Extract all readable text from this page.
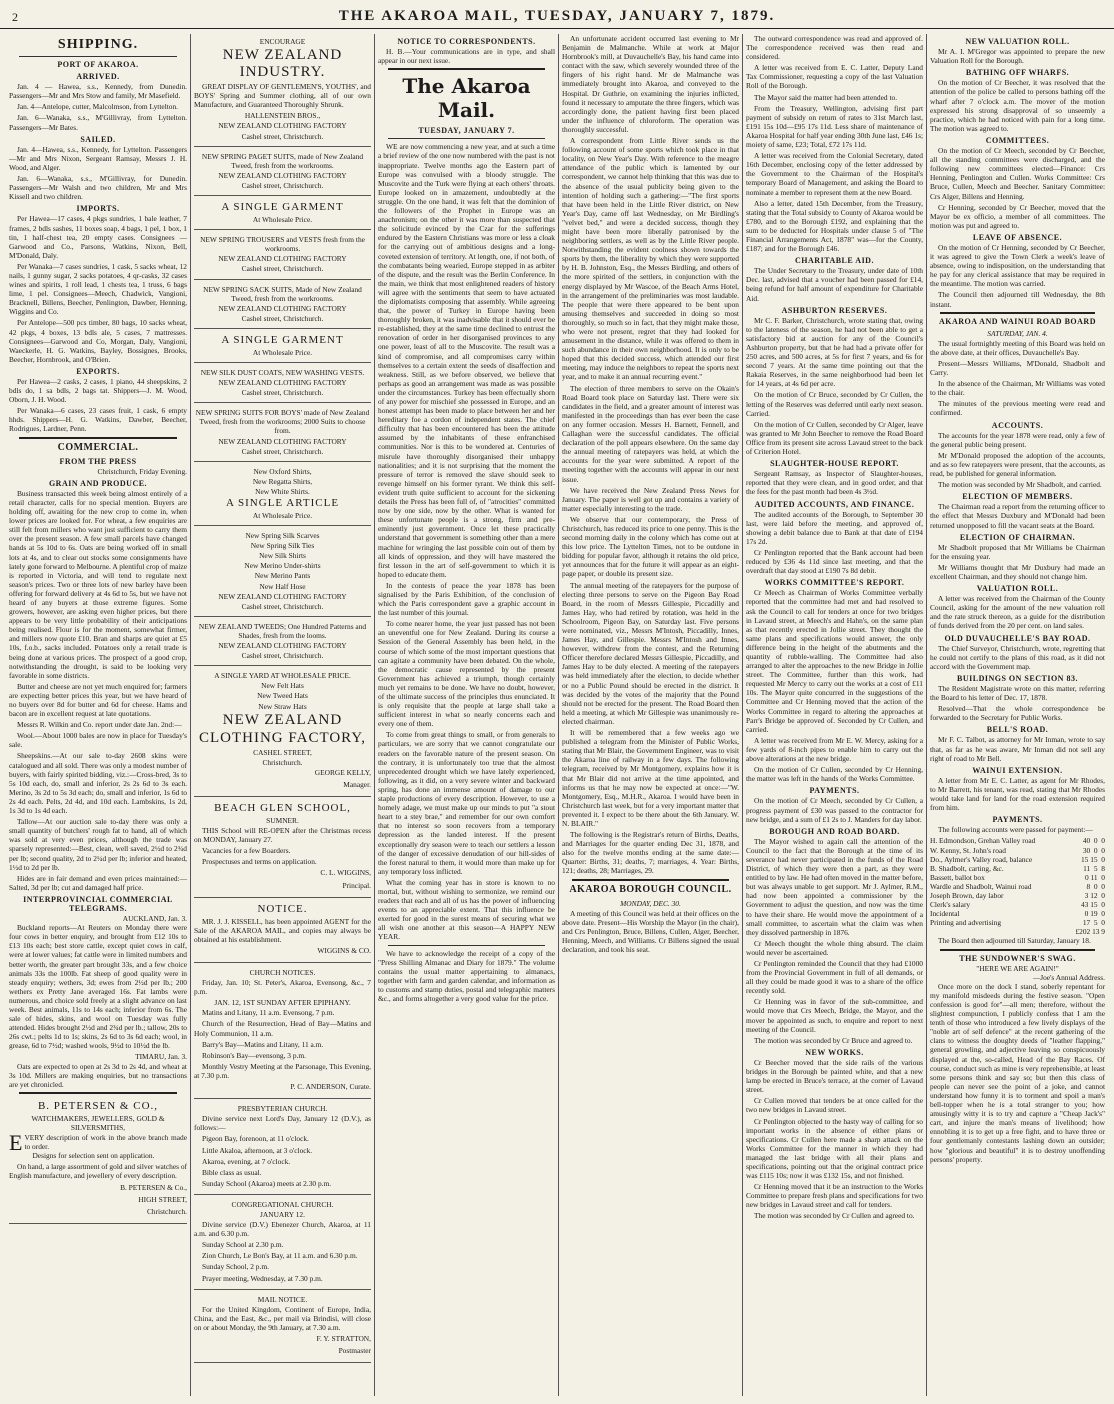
2	THE AKAROA MAIL, TUESDAY, JANUARY 7, 1879.
SHIPPING.
PORT OF AKAROA.
ARRIVED.

Jan. 4 — Hawea, s.s., Kennedy, from Dunedin. Passengers—Mr and Mrs Stow and family, Mr Masefield.

Jan. 4—Antelope, cutter, Malcolmson, from Lyttelton.

Jan. 6—Wanaka, s.s., M'Gillivray, from Lyttelton. Passengers—Mr Bates.

SAILED.

Jan. 4—Hawea, s.s., Kennedy, for Lyttelton. Passengers—Mr and Mrs Nixon, Sergeant Ramsay, Messrs J. H. Wood, and Alger.

Jan. 6—Wanaka, s.s., M'Gillivray, for Dunedin. Passengers—Mr Walsh and two children, Mr and Mrs Kissell and two children.

IMPORTS.

Per Hawea—17 cases, 4 pkgs sundries, 1 bale leather, 7 frames, 2 bdls sashes, 11 boxes soap, 4 bags, 1 pel, 1 box, 1 tin, 1 half-chest tea, 20 empty cases. Consignees — Garwood and Co., Parsons, Watkins, Nixon, Bell, M'Donald, Daly.

Per Wanaka—7 cases sundries, 1 cask, 5 sacks wheat, 12 nails, 1 gunny sugar, 2 sacks potatoes, 4 qr-casks, 32 cases wines and spirits, 1 roll lead, 1 chests tea, 1 truss, 6 bags lime, 1 pel. Consignees—Meech, Chadwick, Vangioni, Bracknell, Billens, Beecher, Penlington, Dawber, Henning, Wiggins and Co.

Per Antelope—500 pcs timber, 80 bags, 10 sacks wheat, 42 pkgs, 4 boxes, 13 bdls ale, 5 cases, 7 mattresses. Consignees—Garwood and Co, Morgan, Daly, Vangioni, Waeckerle, H. G. Watkins, Bayley, Bossignes, Brooks, Beecher, Hornbrook, and O'Brien.

EXPORTS.

Per Hawea—2 casks, 2 cases, 1 piano, 44 sheepskins, 2 bdls do, 1 sa bdls, 2 bags tat. Shippers—J. M. Wood, Oborn, J. H. Wood.

Per Wanaka—6 cases, 23 cases fruit, 1 cask, 6 empty hhds. Shippers—H. G. Watkins, Dawber, Beecher, Rodrigues, Lardner, Penn.

COMMERCIAL.
FROM THE PRESS
Christchurch, Friday Evening.
GRAIN AND PRODUCE.

Business transacted this week being almost entirely of a retail character, calls for no special mention. Buyers are holding off, awaiting for the new crop to come in, when lower prices are looked for. For wheat, a few enquiries are still felt from millers who want just sufficient to carry them over the present season. A few small parcels have changed hands at 5s 10d to 6s. Oats are being worked off in small lots at 4s, and to clear out stocks some consignments have lately gone forward to Melbourne. A plentiful crop of maize is reported in Victoria, and will tend to regulate next season's prices. Two or three lots of new barley have been offering for forward delivery at 4s 6d to 5s, but we have not heard of any buyers at those extreme figures. Some growers, however, are asking even higher prices, but there appears to be very little probability of their anticipations being realised. Flour is for the moment, somewhat firmer, and millers now quote £10. Bran and sharps are quiet at £5 10s, f.o.b., sacks included. Potatoes only a retail trade is being done at various prices. The prospect of a good crop, notwithstanding the drought, is said to be looking very favorable in some districts.

Butter and cheese are not yet much enquired for; farmers are expecting better prices this year, but we have heard of no buyers over 8d for butter and 6d for cheese. Hams and bacon are in excellent request at late quotations.

Messrs R. Wilkin and Co. report under date Jan. 2nd:—

Wool.—About 1000 bales are now in place for Tuesday's sale.

Sheepskins.—At our sale to-day 2608 skins were catalogued and all sold. There was only a modest number of buyers, with fairly spirited bidding, viz.:—Cross-bred, 3s to 5s 10d each, do, small and inferior, 2s 2s 6d to 3s each. Merino, 3s 2d to 5s 3d each; do, small and inferior, 1s 6d to 2s 4d each. Pelts, 2d 4d, and 10d each. Lambskins, 1s 2d, 1s 3d to 1s 4d each.

Tallow—At our auction sale to-day there was only a small quantity of butchers' rough fat to hand, all of which was sold at very even prices, although the trade was sparsely represented:—Best, clean, well saved, 2½d to 2¾d per lb; second quality, 2d to 2¼d per lb; inferior and heated, 1½d to 2d per lb.

Hides are in fair demand and even prices maintained:—Salted, 3d per lb; cut and damaged half price.

INTERPROVINCIAL COMMERCIAL TELEGRAMS.
AUCKLAND, Jan. 3.

Buckland reports—At Reuters on Monday there were four cows in better enquiry, and brought from £12 10s to £13 10s each; best store cattle, except quiet cows in calf, were at lower values; fat cattle were in limited numbers and better worth, the greater part brought 33s, and a few choice animals 33s the 100lb. Fat sheep of good quality were in steady enquiry; wethers, 3d; ewes from 2½d per lb.; 200 wethers ex Pretty Jane averaged 16s. Fat lambs were numerous, and choice sold freely at a slight advance on last week. Best animals, 11s to 14s each; inferior from 6s. The sale of hides, skins, and wool on Tuesday was fully attended. Hides brought 2½d and 2¾d per lb.; tallow, 20s to 26s cwt.; pelts 1d to 1s; skins, 2s 6d to 3s 6d each; wool, in grease, 6d to 7½d; washed wools, 9½d to 10½d the lb.

TIMARU, Jan. 3.

Oats are expected to open at 2s 3d to 2s 4d, and wheat at 3s 10d. Millers are making enquiries, but no transactions are yet chronicled.

B. PETERSEN & CO.,
WATCHMAKERS, JEWELLERS, GOLD & SILVERSMITHS,
EVERY description of work in the above branch made to order.

Designs for selection sent on application.

On hand, a large assortment of gold and silver watches of English manufacture, and jewellery of every description.

B. PETERSEN & Co.,
HIGH STREET,
Christchurch.
ENCOURAGE
NEW ZEALAND INDUSTRY.

GREAT DISPLAY OF GENTLEMEN'S, YOUTHS', and BOYS' Spring and Summer clothing, all of our own Manufacture, and Guaranteed Thoroughly Shrunk.

HALLENSTEIN BROS.,
NEW ZEALAND CLOTHING FACTORY
Cashel street, Christchurch.
NEW SPRING PAGET SUITS, made of New Zealand Tweed, fresh from the workrooms.
NEW ZEALAND CLOTHING FACTORY
Cashel street, Christchurch.
A SINGLE GARMENT
At Wholesale Price.
NEW SPRING TROUSERS and VESTS fresh from the workrooms.
NEW ZEALAND CLOTHING FACTORY
Cashel street, Christchurch.
NEW SPRING SACK SUITS, Made of New Zealand Tweed, fresh from the workrooms.
NEW ZEALAND CLOTHING FACTORY
Cashel street, Christchurch.
A SINGLE GARMENT
At Wholesale Price.
NEW SILK DUST COATS, NEW WASHING VESTS.
NEW ZEALAND CLOTHING FACTORY
Cashel street, Christchurch.
NEW SPRING SUITS FOR BOYS' made of New Zealand Tweed, fresh from the workrooms; 2000 Suits to choose from.
NEW ZEALAND CLOTHING FACTORY
Cashel street, Christchurch.
New Oxford Shirts,
New Regatta Shirts,
New White Shirts.
A SINGLE ARTICLE
At Wholesale Price.
New Spring Silk Scarves
New Spring Silk Ties
New Silk Shirts
New Merino Under-shirts
New Merino Pants
New Half Hose
NEW ZEALAND CLOTHING FACTORY
Cashel street, Christchurch.
NEW ZEALAND TWEEDS; One Hundred Patterns and Shades, fresh from the looms.
NEW ZEALAND CLOTHING FACTORY
Cashel street, Christchurch.
A SINGLE YARD AT WHOLESALE PRICE.
New Felt Hats
New Tweed Hats
New Straw Hats
NEW ZEALAND
CLOTHING FACTORY,
CASHEL STREET,
Christchurch.
GEORGE KELLY,
Manager.
BEACH GLEN SCHOOL,
SUMNER.

THIS School will RE-OPEN after the Christmas recess on MONDAY, January 27.

Vacancies for a few Boarders.

Prospectuses and terms on application.

C. L. WIGGINS,
Principal.
NOTICE.

MR. J. J. KISSELL, has been appointed AGENT for the Sale of the AKAROA MAIL, and copies may always be obtained at his establishment.

WIGGINS & CO.
CHURCH NOTICES.

Friday, Jan. 10; St. Peter's, Akaroa, Evensong, &c., 7 p.m.

JAN. 12, 1ST SUNDAY AFTER EPIPHANY.

Matins and Litany, 11 a.m. Evensong, 7 p.m.

Church of the Resurrection, Head of Bay—Matins and Holy Communion, 11 a.m.

Barry's Bay—Matins and Litany, 11 a.m.

Robinson's Bay—evensong, 3 p.m.

Monthly Vestry Meeting at the Parsonage, This Evening, at 7.30 p.m.

P. C. ANDERSON, Curate.
PRESBYTERIAN CHURCH.

Divine service next Lord's Day, January 12 (D.V.), as follows:—

Pigeon Bay, forenoon, at 11 o'clock.

Little Akaloa, afternoon, at 3 o'clock.

Akaroa, evening, at 7 o'clock.

Bible class as usual.

Sunday School (Akaroa) meets at 2.30 p.m.

CONGREGATIONAL CHURCH.
JANUARY 12.

Divine service (D.V.) Ebenezer Church, Akaroa, at 11 a.m. and 6.30 p.m.

Sunday School at 2.30 p.m.

Zion Church, Le Bon's Bay, at 11 a.m. and 6.30 p.m.

Sunday School, 2 p.m.

Prayer meeting, Wednesday, at 7.30 p.m.

MAIL NOTICE.

For the United Kingdom, Continent of Europe, India, China, and the East, &c., per mail via Brindisi, will close on or about Monday, the 9th January, at 7.30 a.m.

F. Y. STRATTON,
Postmaster
NOTICE TO CORRESPONDENTS.

H. B.—Your communications are in type, and shall appear in our next issue.

The Akaroa Mail.
TUESDAY, JANUARY 7.

WE are now commencing a new year, and at such a time a brief review of the one now numbered with the past is not inappropriate. Twelve months ago the Eastern part of Europe was convulsed with a bloody struggle. The Muscovite and the Turk were flying at each others' throats. Europe looked on in amazement, undoubtedly at the struggle. On the one hand, it was felt that the dominion of the followers of the Prophet in Europe was an anachronism; on the other it was more than suspected that the solicitude evinced by the Czar for the sufferings endured by the Eastern Christians was more or less a cloak for the carrying out of ambitious designs and a long-coveted extension of territory. At length, one, if not both, of the combatants being wearied, Europe stepped in as arbiter of the dispute, and the result was the Berlin Conference. In the main, we think that most enlightened readers of history will agree with the sentiments that seem to have actuated the diplomatists composing that assembly. While agreeing that, the power of Turkey in Europe having been thoroughly broken, it was inadvisable that it should ever be re-established, they at the same time declined to entrust the renovation of order in her disorganised provinces to any one power, least of all to the Muscovite. The result was a kind of compromise, and all compromises carry within themselves to a certain extent the seeds of disaffection and weakness. Still, as we before observed, we believe that perhaps as good an arrangement was made as was possible under the circumstances. Turkey has been effectually shorn of any power for mischief she possessed in Europe, and an honest attempt has been made to place between her and her hereditary foe a cordon of independent states. The chief difficulty that has been encountered has been the attitude assumed by the inhabitants of these enfranchised communities. Nor is this to be wondered at. Centuries of misrule have thoroughly disorganised their unhappy nationalities; and it is not surprising that the moment the pressure of terror is removed the slave should seek to revenge himself on his former tyrant. We think this self-evident truth quite sufficient to account for the sickening details the Press has been full of, of "atrocities" committed now by one side, now by the other. What is wanted for these unfortunate people is a strong, firm and pre-eminently just government. Once let these practically understand that government is something other than a mere machine for wringing the last possible coin out of them by all kinds of oppression, and they will have mastered the first lesson in the art of self-government to which it is hoped to educate them.

In the contests of peace the year 1878 has been signalised by the Paris Exhibition, of the conclusion of which the Paris correspondent gave a graphic account in the last number of this journal.

To come nearer home, the year just passed has not been an uneventful one for New Zealand. During its course a Session of the General Assembly has been held, in the course of which some of the most important questions that can agitate a community have been debated. On the whole, the democratic cause represented by the present Government has achieved a triumph, though certainly much yet remains to be done. We have no doubt, however, of the ultimate success of the principles thus enunciated. It is only requisite that the people at large shall take a sufficient interest in what so nearly concerns each and every one of them.

To come from great things to small, or from generals to particulars, we are sorry that we cannot congratulate our readers on the favorable nature of the present season. On the contrary, it is unfortunately too true that the almost unprecedented drought which we have lately experienced, following, as it did, on a very severe winter and backward spring, has done an immense amount of damage to our staple productions of every description. However, to use a homely adage, we must make up our minds to put "a stout heart to a stey brae," and remember for our own comfort that no interest so soon recovers from a temporary depression as the landed interest. If the present exceptionally dry season were to teach our settlers a lesson of the danger of excessive denudation of our hill-sides of the forest natural to them, it would more than make up for any temporary loss inflicted.

What the coming year has in store is known to no mortal, but, without wishing to sermonize, we remind our readers that each and all of us has the power of influencing events to an appreciable extent. That this influence be exerted for good in the surest means of securing what we all wish one another at this season—A HAPPY NEW YEAR.

We have to acknowledge the receipt of a copy of the "Press Shilling Almanac and Diary for 1879." The volume contains the usual matter appertaining to almanacs, together with farm and garden calendar, and information as to customs and stamp duties, postal and telegraphic matters &c., and forms altogether a very good value for the price.

An unfortunate accident occurred last evening to Mr Benjamin de Malmanche. While at work at Major Hornbrook's mill, at Duvauchelle's Bay, his hand came into contact with the saw, which severely wounded three of the fingers of his right hand. Mr de Malmanche was immediately brought into Akaroa, and conveyed to the Hospital. Dr Guthrie, on examining the injuries inflicted, found it necessary to amputate the three fingers, which was accordingly done, the patient having first been placed under the influence of chloroform. The operation was thoroughly successful.

A correspondent from Little River sends us the following account of some sports which took place in that locality, on New Year's Day. With reference to the meagre attendance of the public which is lamented by our correspondent, we cannot help thinking that this was due to the absence of the usual publicity being given to the intention of holding such a gathering:—"The first sports that have been held in the Little River district, on New Year's Day, came off last Wednesday, on Mr Birdling's "velvet bed," and were a decided success, though they might have been more liberally patronised by the neighboring settlers, as well as by the Little River people. Notwithstanding the evident coolness shown towards the sports by them, the liberality by which they were supported by H. B. Johnston, Esq., the Messrs Birdling, and others of the more spirited of the settlers, in conjunction with the energy displayed by Mr Wascoe, of the Beach Arms Hotel, in the arrangement of the preliminaries was most laudable. The people that were there appeared to be bent upon amusing themselves and succeeded in doing so most thoroughly, so much so in fact, that they might make those, who were not present, regret that they had looked for amusement in the distance, while it was offered to them in such abundance in their own neighborhood. It is only to be hoped that this decided success, which attended our first meeting, may induce the neighbors to repeat the sports next year, and to make it an annual recurring event."

The election of three members to serve on the Okain's Road Board took place on Saturday last. There were six candidates in the field, and a greater amount of interest was manifested in the proceedings than has ever been the case on any former occasion. Messrs H. Barnett, Fennell, and Callaghan were the successful candidates. The official declaration of the poll appears elsewhere. On the same day the annual meeting of ratepayers was held, at which the accounts for the year were submitted. A report of the meeting together with the accounts will appear in our next issue.

We have received the New Zealand Press News for January. The paper is well got up and contains a variety of matter especially interesting to the trade.

We observe that our contemporary, the Press of Christchurch, has reduced its price to one penny. This is the second morning daily in the colony which has come out at this low price. The Lyttelton Times, not to be outdone in bidding for popular favor, although it retains the old price, yet announces that for the future it will appear as an eight-page paper, or double its present size.

The annual meeting of the ratepayers for the purpose of electing three persons to serve on the Pigeon Bay Road Board, in the room of Messrs Gillespie, Piccadilly and James Hay, who had retired by rotation, was held in the Schoolroom, Pigeon Bay, on Saturday last. Five persons were nominated, viz., Messrs M'Intosh, Piccadilly, Innes, James Hay, and Gillespie. Messrs M'Intosh and Innes, however, withdrew from the contest, and the Returning Officer therefore declared Messrs Gillespie, Piccadilly, and James Hay to be duly elected. A meeting of the ratepayers was held immediately after the election, to decide whether or no a Public Pound should be erected in the district. It was decided by the votes of the majority that the Pound should not be erected for the present. The Road Board then held a meeting, at which Mr Gillespie was unanimously re-elected chairman.

It will be remembered that a few weeks ago we published a telegram from the Minister of Public Works, stating that Mr Blair, the Government Engineer, was to visit the Akaroa line of railway in a few days. The following telegram, received by Mr Montgomery, explains how it is that Mr Blair did not arrive at the time appointed, and informs us that he may now be expected at once:—"W. Montgomery, Esq., M.H.R., Akaroa. I would have been in Christchurch last week, but for a very important matter that prevented it. I expect to be there about the 6th January. W. N. BLAIR."

The following is the Registrar's return of Births, Deaths, and Marriages for the quarter ending Dec 31, 1878, and also for the twelve months ending at the same date:—Quarter: Births, 31; deaths, 7; marriages, 4. Year: Births, 121; deaths, 28; Marriages, 29.

AKAROA BOROUGH COUNCIL.
MONDAY, DEC. 30.

A meeting of this Council was held at their offices on the above date. Present—His Worship the Mayor (in the chair), and Crs Penlington, Bruce, Billens, Cullen, Alger, Beecher, Henning, Meech, and Williams. Cr Billens signed the usual declaration, and took his seat.

The outward correspondence was read and approved of. The correspondence received was then read and considered.

A letter was received from E. C. Latter, Deputy Land Tax Commissioner, requesting a copy of the last Valuation Roll of the Borough.

The Mayor said the matter had been attended to.

From the Treasury, Wellington, advising first part payment of subsidy on return of rates to 31st March last, £191 15s 10d—£95 17s 11d. Less share of maintenance of Akaroa Hospital for half year ending 30th June last, £46 1s; moiety of same, £23; Total, £72 17s 11d.

A letter was received from the Colonial Secretary, dated 16th December, enclosing copy of the letter addressed by the Government to the Chairman of the Hospital's temporary Board of Management, and asking the Board to nominate a member to represent them at the new Board.

Also a letter, dated 15th December, from the Treasury, stating that the Total subsidy to County of Akaroa would be £780, and to the Borough £192, and explaining that the sum to be deducted for Hospitals under clause 5 of "The Financial Arrangements Act, 1878" was—for the County, £187; and for the Borough £46.

CHARITABLE AID.

The Under Secretary to the Treasury, under date of 10th Dec. last, advised that a voucher had been passed for £14, being refund for half amount of expenditure for Charitable Aid.

ASHBURTON RESERVES.

Mr C. F. Barker, Christchurch, wrote stating that, owing to the lateness of the season, he had not been able to get a satisfactory bid at auction for any of the Council's Ashburton property, but that he had had a private offer for 250 acres, and 500 acres, at 5s for first 7 years, and 6s for second 7 years. At the same time pointing out that the Rakaia Reserves, in the same neighborhood had been let for 14 years, at 4s 6d per acre.

On the motion of Cr Bruce, seconded by Cr Cullen, the letting of the Reserves was deferred until early next season. Carried.

On the motion of Cr Cullen, seconded by Cr Alger, leave was granted to Mr John Beecher to remove the Road Board Office from its present site across Lavaud street to the back of Criterion Hotel.

SLAUGHTER-HOUSE REPORT.

Sergeant Ramsay, as Inspector of Slaughter-houses, reported that they were clean, and in good order, and that the fees for the past month had been 4s 3½d.

AUDITED ACCOUNTS, AND FINANCE.

The audited accounts of the Borough, to September 30 last, were laid before the meeting, and approved of, showing a debit balance due to Bank at that date of £194 17s 2d.

Cr Penlington reported that the Bank account had been reduced by £36 4s 11d since last meeting, and that the overdraft that day stood at £190 7s 8d debit.

WORKS COMMITTEE'S REPORT.

Cr Meech as Chairman of Works Committee verbally reported that the committee had met and had resolved to ask the Council to call for tenders at once for two bridges in Lavaud street, at Meech's and Hahn's, on the same plan as that recently erected in Jollie street. They thought the same plans and specifications would answer, the only difference being in the height of the abutments and the quantity of rubble-walling. The Committee had also arranged to alter the approaches to the new Bridge in Jollie street. The Committee, further than this work, had requested Mr Mercy to carry out the works at a cost of £11 10s. The Mayor quite concurred in the suggestions of the Committee and Cr Henning moved that the action of the Works Committee in regard to altering the approaches at Parr's Bridge be approved of. Seconded by Cr Cullen, and carried.

A letter was received from Mr E. W. Mercy, asking for a few yards of 8-inch pipes to enable him to carry out the above alterations at the new bridge.

On the motion of Cr Cullen, seconded by Cr Henning, the matter was left in the hands of the Works Committee.

PAYMENTS.

On the motion of Cr Meech, seconded by Cr Cullen, a progress payment of £30 was passed to the contractor for new bridge, and a sum of £1 2s to J. Manders for day labor.

BOROUGH AND ROAD BOARD.

The Mayor wished to again call the attention of the Council to the fact that the Borough at the time of its severance had never participated in the funds of the Road District, of which they were then a part, as they were entitled to by law. He had often moved in the matter before, but was always unable to get support. Mr J. Aylmer, R.M., had now been appointed a commissioner by the Government to adjust the question, and now was the time to have their share. He would move the appointment of a small committee, to ascertain what the claim was when they dissolved partnership in 1876.

Cr Meech thought the whole thing absurd. The claim would never be ascertained.

Cr Penlington reminded the Council that they had £1000 from the Provincial Government in full of all demands, or all they could be made good it was to a share of the office recently sold.

Cr Henning was in favor of the sub-committee, and would move that Crs Meech, Bridge, the Mayor, and the mover be appointed as such, to enquire and report to next meeting of the Council.

The motion was seconded by Cr Bruce and agreed to.

NEW WORKS.

Cr Beecher moved that the side rails of the various bridges in the Borough be painted white, and that a new lamp be erected in Bruce's terrace, at the corner of Lavaud street.

Cr Cullen moved that tenders be at once called for the two new bridges in Lavaud street.

Cr Penlington objected to the hasty way of calling for so important works in the absence of either plans or specifications. Cr Cullen here made a sharp attack on the Works Committee for the manner in which they had managed the last bridge with all their plans and specifications, pointing out that the original contract price was £115 10s; now it was £132 15s, and not finished.

Cr Henning moved that it be an instruction to the Works Committee to prepare fresh plans and specifications for two new bridges in Lavaud street and call for tenders.

The motion was seconded by Cr Cullen and agreed to.

NEW VALUATION ROLL.

Mr A. I. M'Gregor was appointed to prepare the new Valuation Roll for the Borough.

BATHING OFF WHARFS.

On the motion of Cr Beecher, it was resolved that the attention of the police be called to persons bathing off the wharf after 7 o'clock a.m. The mover of the motion expressed his strong disapproval of so unseemly a practice, which he had noticed with pain for a long time. The motion was agreed to.

COMMITTEES.

On the motion of Cr Meech, seconded by Cr Beecher, all the standing committees were discharged, and the following new committees elected—Finance: Crs Henning, Penlington and Cullen. Works Committee: Crs Bruce, Cullen, Meech and Beecher. Sanitary Committee: Crs Alger, Billens and Henning.

Cr Henning, seconded by Cr Beecher, moved that the Mayor be ex officio, a member of all committees. The motion was put and agreed to.

LEAVE OF ABSENCE.

On the motion of Cr Henning, seconded by Cr Beecher, it was agreed to give the Town Clerk a week's leave of absence, owing to indisposition, on the understanding that he pay for any clerical assistance that may be required in the meantime. The motion was carried.

The Council then adjourned till Wednesday, the 8th instant.

AKAROA AND WAINUI ROAD BOARD
SATURDAY, JAN. 4.

The usual fortnightly meeting of this Board was held on the above date, at their offices, Duvauchelle's Bay.

Present—Messrs Williams, M'Donald, Shadbolt and Carry.

In the absence of the Chairman, Mr Williams was voted to the chair.

The minutes of the previous meeting were read and confirmed.

ACCOUNTS.

The accounts for the year 1878 were read, only a few of the general public being present.

Mr M'Donald proposed the adoption of the accounts, and as so few ratepayers were present, that the accounts, as read, be published for general information.

The motion was seconded by Mr Shadbolt, and carried.

ELECTION OF MEMBERS.

The Chairman read a report from the returning officer to the effect that Messrs Duxbury and M'Donald had been returned unopposed to fill the vacant seats at the Board.

ELECTION OF CHAIRMAN.

Mr Shadbolt proposed that Mr Williams be Chairman for the ensuing year.

Mr Williams thought that Mr Duxbury had made an excellent Chairman, and they should not change him.

VALUATION ROLL.

A letter was received from the Chairman of the County Council, asking for the amount of the new valuation roll and the rate struck thereon, as a guide for the distribution of funds derived from the 20 per cent. on land sales.

OLD DUVAUCHELLE'S BAY ROAD.

The Chief Surveyor, Christchurch, wrote, regretting that he could not certify to the plans of this road, as it did not accord with the Government map.

BUILDINGS ON SECTION 83.

The Resident Magistrate wrote on this matter, referring the Board to his letter of Dec. 17, 1878.

Resolved—That the whole correspondence be forwarded to the Secretary for Public Works.

BELL'S ROAD.

Mr F. C. Talbot, as attorney for Mr Inman, wrote to say that, as far as he was aware, Mr Inman did not sell any right of road to Mr Bell.

WAINUI EXTENSION.

A letter from Mr E. C. Latter, as agent for Mr Rhodes, to Mr Barrett, his tenant, was read, stating that Mr Rhodes would take land for land for the road extension required from him.

PAYMENTS.

The following accounts were passed for payment:—

H. Edmondson, Grehan Valley road	40  0  0
W. Kenny, St. John's road	30  0  0
Do., Aylmer's Valley road, balance	15 15  0
B. Shadbolt, carting, &c.	11  5  8
Bassett, ballot box	0 11  0
Wardle and Shadbolt, Wainui road	8  0  0
Joseph Brown, day labor	3 12  0
Clerk's salary	43 15  0
Incidental	0 19  0
Printing and advertising	17  5  0
£202 13 9

The Board then adjourned till Saturday, January 18.

THE SUNDOWNER'S SWAG.
"HERE WE ARE AGAIN!"
—Joe's Annual Address.

Once more on the dock I stand, soberly repentant for my manifold misdeeds during the festive season. "Open confession is good for"—all men; therefore, without the slightest compunction, I publicly confess that I am the tenth of those who introduced a few lively displays of the "noble art of self defence" at the recent gathering of the clans to witness the doughty deeds of "leather flapping," general growling, and adjective leaving so conspicuously displayed at the, so-called, Head of the Bay Races. Of course, conduct such as mine is very reprehensible, at least some persons think and say so; but then this class of people can never see the point of a joke, and cannot understand how funny it is to torment and spoil a man's bell-topper when he is a total stranger to you; how amusingly witty it is to try and capture a "Cheap Jack's" cart, and injure the man's means of livelihood; how ennobling it is to get up a free fight, and to have three or four gentlemanly contestants lashing down an outsider; how "glorious and beautiful" it is to destroy unoffending persons' property.
